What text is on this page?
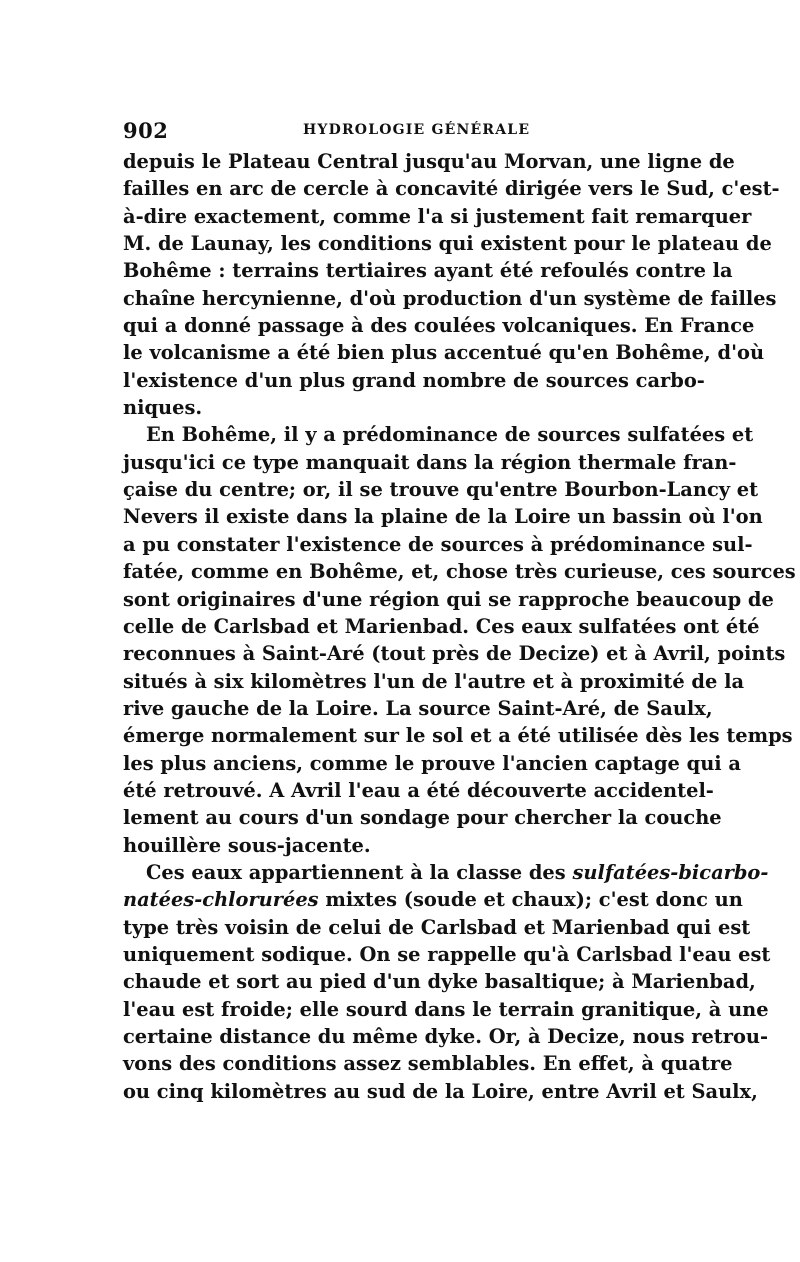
902	HYDROLOGIE GÉNÉRALE
depuis le Plateau Central jusqu'au Morvan, une ligne de
failles en arc de cercle à concavité dirigée vers le Sud, c'est-
à-dire exactement, comme l'a si justement fait remarquer
M. de Launay, les conditions qui existent pour le plateau de
Bohême : terrains tertiaires ayant été refoulés contre la
chaîne hercynienne, d'où production d'un système de failles
qui a donné passage à des coulées volcaniques. En France
le volcanisme a été bien plus accentué qu'en Bohême, d'où
l'existence d'un plus grand nombre de sources carbo-
niques.
En Bohême, il y a prédominance de sources sulfatées et
jusqu'ici ce type manquait dans la région thermale fran-
çaise du centre; or, il se trouve qu'entre Bourbon-Lancy et
Nevers il existe dans la plaine de la Loire un bassin où l'on
a pu constater l'existence de sources à prédominance sul-
fatée, comme en Bohême, et, chose très curieuse, ces sources
sont originaires d'une région qui se rapproche beaucoup de
celle de Carlsbad et Marienbad. Ces eaux sulfatées ont été
reconnues à Saint-Aré (tout près de Decize) et à Avril, points
situés à six kilomètres l'un de l'autre et à proximité de la
rive gauche de la Loire. La source Saint-Aré, de Saulx,
émerge normalement sur le sol et a été utilisée dès les temps
les plus anciens, comme le prouve l'ancien captage qui a
été retrouvé. A Avril l'eau a été découverte accidentel-
lement au cours d'un sondage pour chercher la couche
houillère sous-jacente.
Ces eaux appartiennent à la classe des sulfatées-bicarbo-
natées-chlorurées mixtes (soude et chaux); c'est donc un
type très voisin de celui de Carlsbad et Marienbad qui est
uniquement sodique. On se rappelle qu'à Carlsbad l'eau est
chaude et sort au pied d'un dyke basaltique; à Marienbad,
l'eau est froide; elle sourd dans le terrain granitique, à une
certaine distance du même dyke. Or, à Decize, nous retrou-
vons des conditions assez semblables. En effet, à quatre
ou cinq kilomètres au sud de la Loire, entre Avril et Saulx,
